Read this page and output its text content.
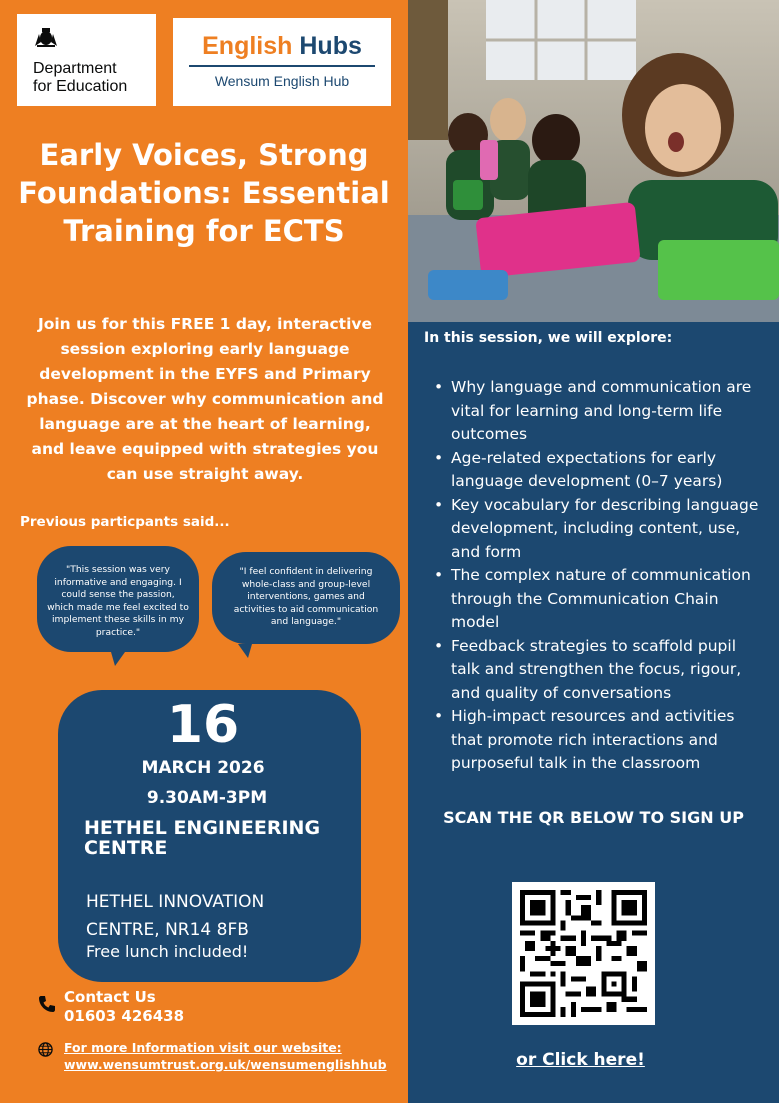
Department
for Education
English Hubs
Wensum English Hub
Early Voices, Strong Foundations: Essential Training for ECTS
Join us for this FREE 1 day, interactive session exploring early language development in the EYFS and Primary phase. Discover why communication and language are at the heart of learning, and leave equipped with strategies you can use straight away.
Previous particpants said...
"This session was very informative and engaging. I could sense the passion, which made me feel excited to implement these skills in my practice."
"I feel confident in delivering whole-class and group-level interventions, games and activities to aid communication and language."
16
MARCH 2026
9.30AM-3PM
HETHEL ENGINEERING CENTRE
HETHEL INNOVATION
CENTRE, NR14 8FB
Free lunch included!
Contact Us
01603 426438
For more Information visit our website:
www.wensumtrust.org.uk/wensumenglishhub
In this session, we will explore:
• Why language and communication are vital for learning and long-term life outcomes
• Age-related expectations for early language development (0–7 years)
• Key vocabulary for describing language development, including content, use, and form
• The complex nature of communication through the Communication Chain model
• Feedback strategies to scaffold pupil talk and strengthen the focus, rigour, and quality of conversations
• High-impact resources and activities that promote rich interactions and purposeful talk in the classroom
SCAN THE QR BELOW TO SIGN UP
or Click here!
